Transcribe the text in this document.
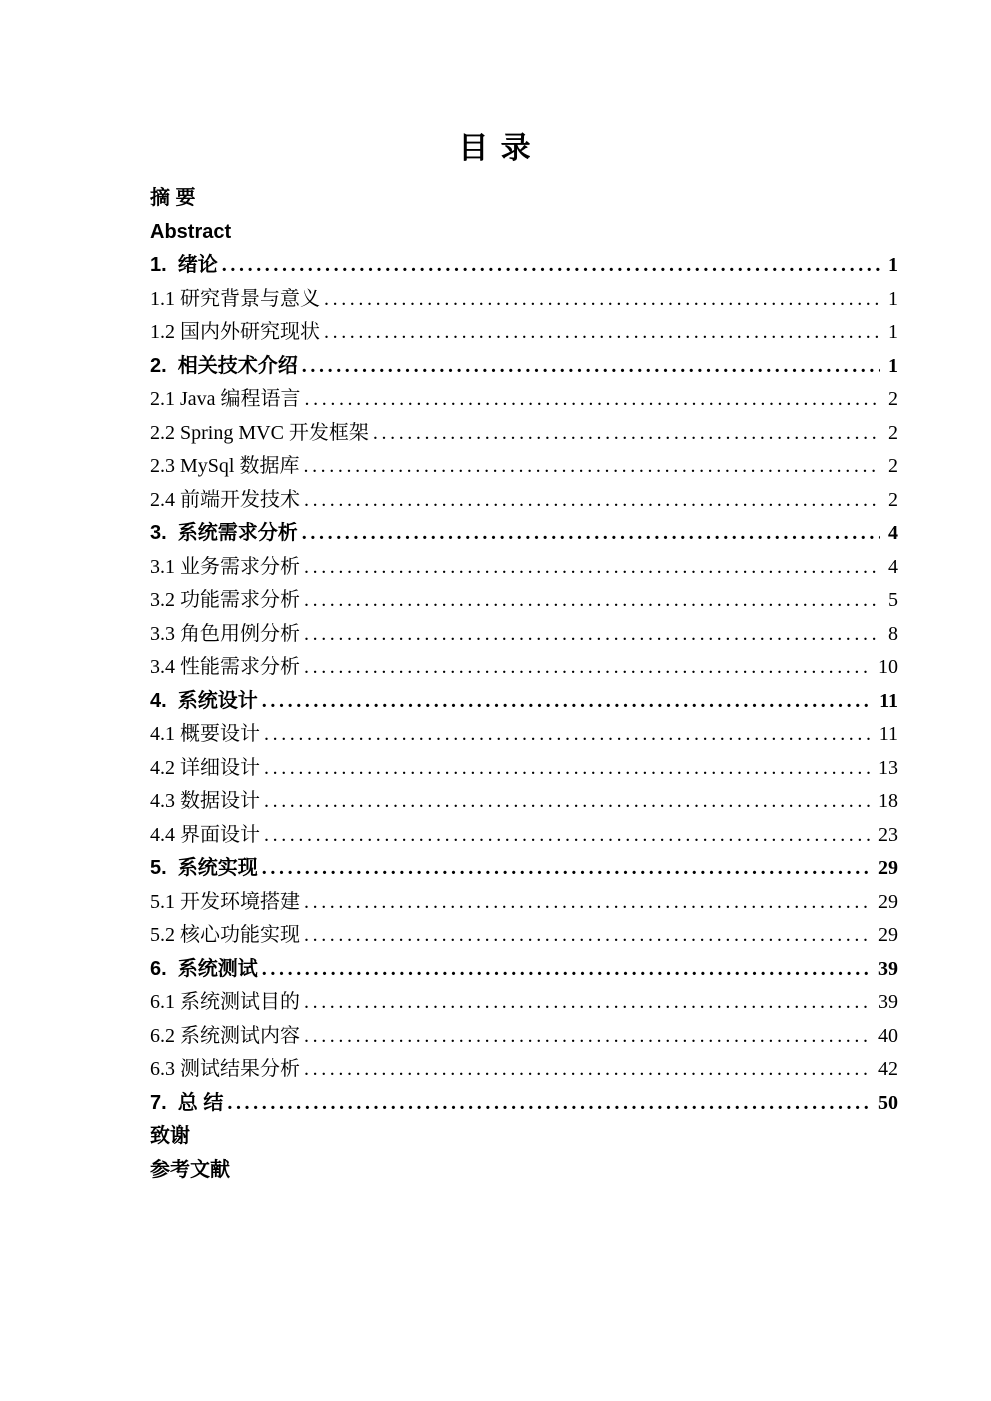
目 录
摘 要
Abstract
1.  绪论 .....	1
1.1 研究背景与意义 .....	1
1.2 国内外研究现状 .....	1
2.  相关技术介绍 .....	1
2.1 Java 编程语言 .....	2
2.2 Spring MVC 开发框架 .....	2
2.3 MySql 数据库 .....	2
2.4 前端开发技术 .....	2
3.  系统需求分析 .....	4
3.1 业务需求分析 .....	4
3.2 功能需求分析 .....	5
3.3 角色用例分析 .....	8
3.4 性能需求分析 .....	10
4.  系统设计 .....	11
4.1 概要设计 .....	11
4.2 详细设计 .....	13
4.3 数据设计 .....	18
4.4 界面设计 .....	23
5.  系统实现 .....	29
5.1 开发环境搭建 .....	29
5.2 核心功能实现 .....	29
6.  系统测试 .....	39
6.1 系统测试目的 .....	39
6.2 系统测试内容 .....	40
6.3 测试结果分析 .....	42
7.  总 结 .....	50
致谢
参考文献
